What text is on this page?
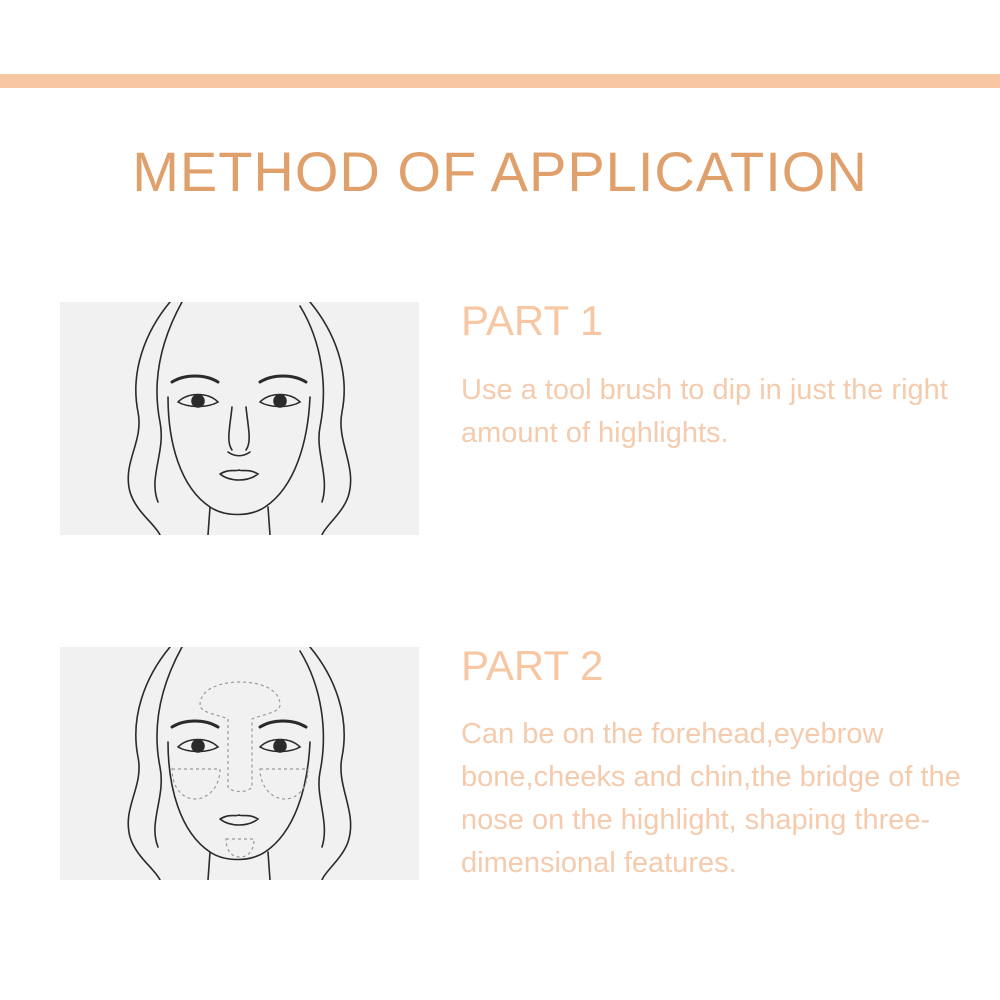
METHOD OF APPLICATION
PART 1

Use a tool brush to dip in just the right amount of highlights.

PART 2

Can be on the forehead,eyebrow bone,cheeks and chin,the bridge of the nose on the highlight, shaping three-dimensional features.
